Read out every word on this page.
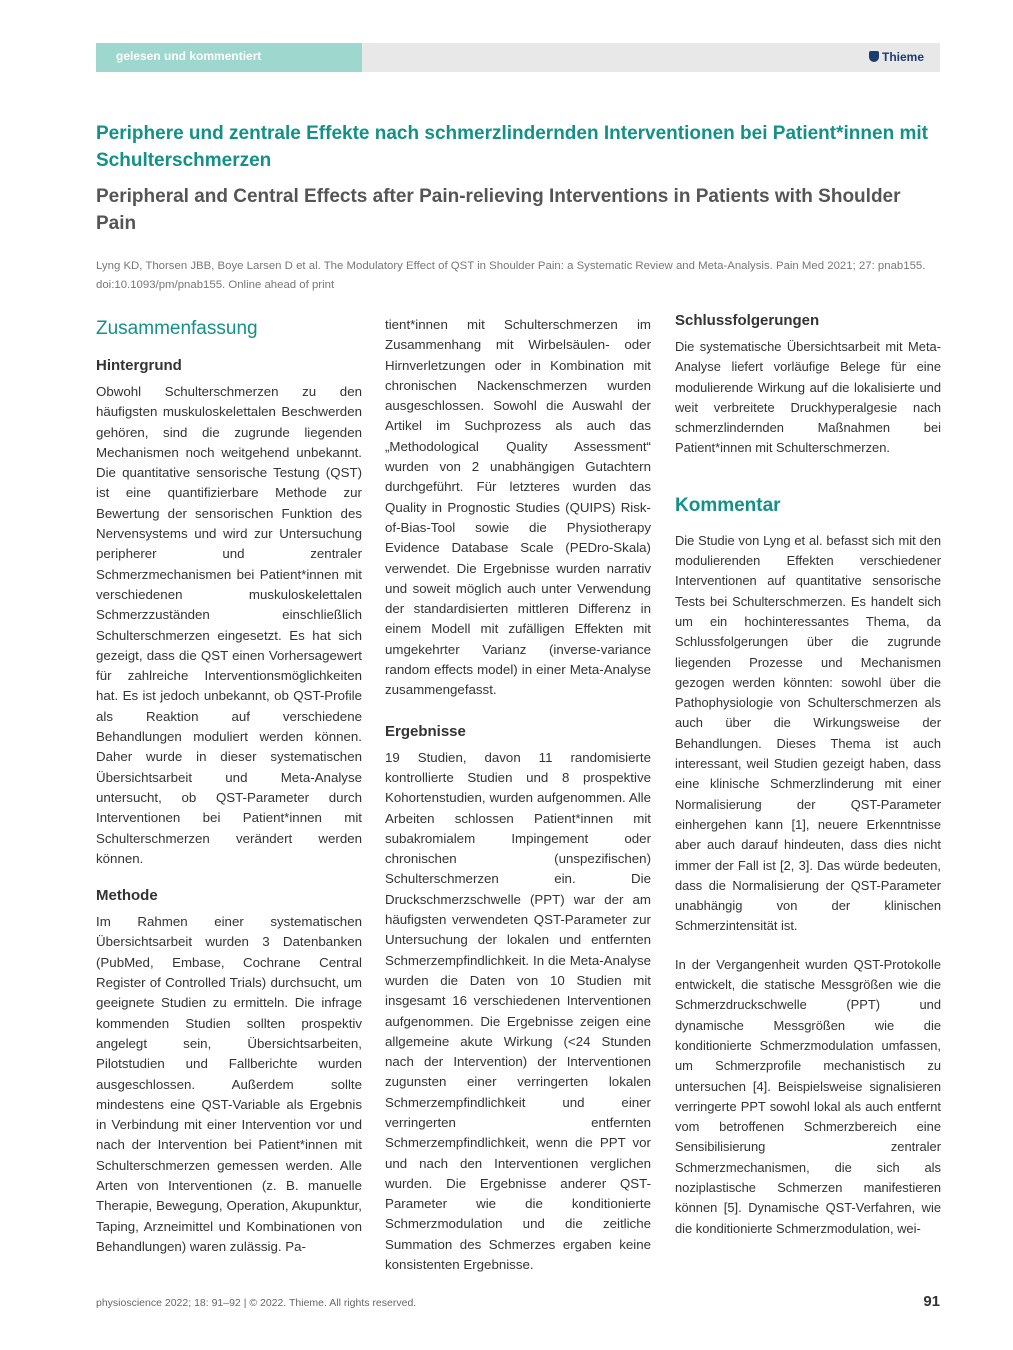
gelesen und kommentiert	Thieme
Periphere und zentrale Effekte nach schmerzlindernden Interventionen bei Patient*innen mit Schulterschmerzen
Peripheral and Central Effects after Pain-relieving Interventions in Patients with Shoulder Pain

Lyng KD, Thorsen JBB, Boye Larsen D et al. The Modulatory Effect of QST in Shoulder Pain: a Systematic Review and Meta-Analysis. Pain Med 2021; 27: pnab155. doi:10.1093/pm/pnab155. Online ahead of print

Zusammenfassung
Hintergrund

Obwohl Schulterschmerzen zu den häufigsten muskuloskelettalen Beschwerden gehören, sind die zugrunde liegenden Mechanismen noch weitgehend unbekannt. Die quantitative sensorische Testung (QST) ist eine quantifizierbare Methode zur Bewertung der sensorischen Funktion des Nervensystems und wird zur Untersuchung peripherer und zentraler Schmerzmechanismen bei Patient*innen mit verschiedenen muskuloskelettalen Schmerzzuständen einschließlich Schulterschmerzen eingesetzt. Es hat sich gezeigt, dass die QST einen Vorhersagewert für zahlreiche Interventionsmöglichkeiten hat. Es ist jedoch unbekannt, ob QST-Profile als Reaktion auf verschiedene Behandlungen moduliert werden können. Daher wurde in dieser systematischen Übersichtsarbeit und Meta-Analyse untersucht, ob QST-Parameter durch Interventionen bei Patient*innen mit Schulterschmerzen verändert werden können.

Methode

Im Rahmen einer systematischen Übersichtsarbeit wurden 3 Datenbanken (PubMed, Embase, Cochrane Central Register of Controlled Trials) durchsucht, um geeignete Studien zu ermitteln. Die infrage kommenden Studien sollten prospektiv angelegt sein, Übersichtsarbeiten, Pilotstudien und Fallberichte wurden ausgeschlossen. Außerdem sollte mindestens eine QST-Variable als Ergebnis in Verbindung mit einer Intervention vor und nach der Intervention bei Patient*innen mit Schulterschmerzen gemessen werden. Alle Arten von Interventionen (z. B. manuelle Therapie, Bewegung, Operation, Akupunktur, Taping, Arzneimittel und Kombinationen von Behandlungen) waren zulässig. Pa-

tient*innen mit Schulterschmerzen im Zusammenhang mit Wirbelsäulen- oder Hirnverletzungen oder in Kombination mit chronischen Nackenschmerzen wurden ausgeschlossen. Sowohl die Auswahl der Artikel im Suchprozess als auch das „Methodological Quality Assessment“ wurden von 2 unabhängigen Gutachtern durchgeführt. Für letzteres wurden das Quality in Prognostic Studies (QUIPS) Risk-of-Bias-Tool sowie die Physiotherapy Evidence Database Scale (PEDro-Skala) verwendet. Die Ergebnisse wurden narrativ und soweit möglich auch unter Verwendung der standardisierten mittleren Differenz in einem Modell mit zufälligen Effekten mit umgekehrter Varianz (inverse-variance random effects model) in einer Meta-Analyse zusammengefasst.

Ergebnisse

19 Studien, davon 11 randomisierte kontrollierte Studien und 8 prospektive Kohortenstudien, wurden aufgenommen. Alle Arbeiten schlossen Patient*innen mit subakromialem Impingement oder chronischen (unspezifischen) Schulterschmerzen ein. Die Druckschmerzschwelle (PPT) war der am häufigsten verwendeten QST-Parameter zur Untersuchung der lokalen und entfernten Schmerzempfindlichkeit. In die Meta-Analyse wurden die Daten von 10 Studien mit insgesamt 16 verschiedenen Interventionen aufgenommen. Die Ergebnisse zeigen eine allgemeine akute Wirkung (<24 Stunden nach der Intervention) der Interventionen zugunsten einer verringerten lokalen Schmerzempfindlichkeit und einer verringerten entfernten Schmerzempfindlichkeit, wenn die PPT vor und nach den Interventionen verglichen wurden. Die Ergebnisse anderer QST-Parameter wie die konditionierte Schmerzmodulation und die zeitliche Summation des Schmerzes ergaben keine konsistenten Ergebnisse.

Schlussfolgerungen

Die systematische Übersichtsarbeit mit Meta-Analyse liefert vorläufige Belege für eine modulierende Wirkung auf die lokalisierte und weit verbreitete Druckhyperalgesie nach schmerzlindernden Maßnahmen bei Patient*innen mit Schulterschmerzen.

Kommentar

Die Studie von Lyng et al. befasst sich mit den modulierenden Effekten verschiedener Interventionen auf quantitative sensorische Tests bei Schulterschmerzen. Es handelt sich um ein hochinteressantes Thema, da Schlussfolgerungen über die zugrunde liegenden Prozesse und Mechanismen gezogen werden könnten: sowohl über die Pathophysiologie von Schulterschmerzen als auch über die Wirkungsweise der Behandlungen. Dieses Thema ist auch interessant, weil Studien gezeigt haben, dass eine klinische Schmerzlinderung mit einer Normalisierung der QST-Parameter einhergehen kann [1], neuere Erkenntnisse aber auch darauf hindeuten, dass dies nicht immer der Fall ist [2, 3]. Das würde bedeuten, dass die Normalisierung der QST-Parameter unabhängig von der klinischen Schmerzintensität ist.

In der Vergangenheit wurden QST-Protokolle entwickelt, die statische Messgrößen wie die Schmerzdruckschwelle (PPT) und dynamische Messgrößen wie die konditionierte Schmerzmodulation umfassen, um Schmerzprofile mechanistisch zu untersuchen [4]. Beispielsweise signalisieren verringerte PPT sowohl lokal als auch entfernt vom betroffenen Schmerzbereich eine Sensibilisierung zentraler Schmerzmechanismen, die sich als noziplastische Schmerzen manifestieren können [5]. Dynamische QST-Verfahren, wie die konditionierte Schmerzmodulation, wei-

physioscience 2022; 18: 91–92 | © 2022. Thieme. All rights reserved.	91
